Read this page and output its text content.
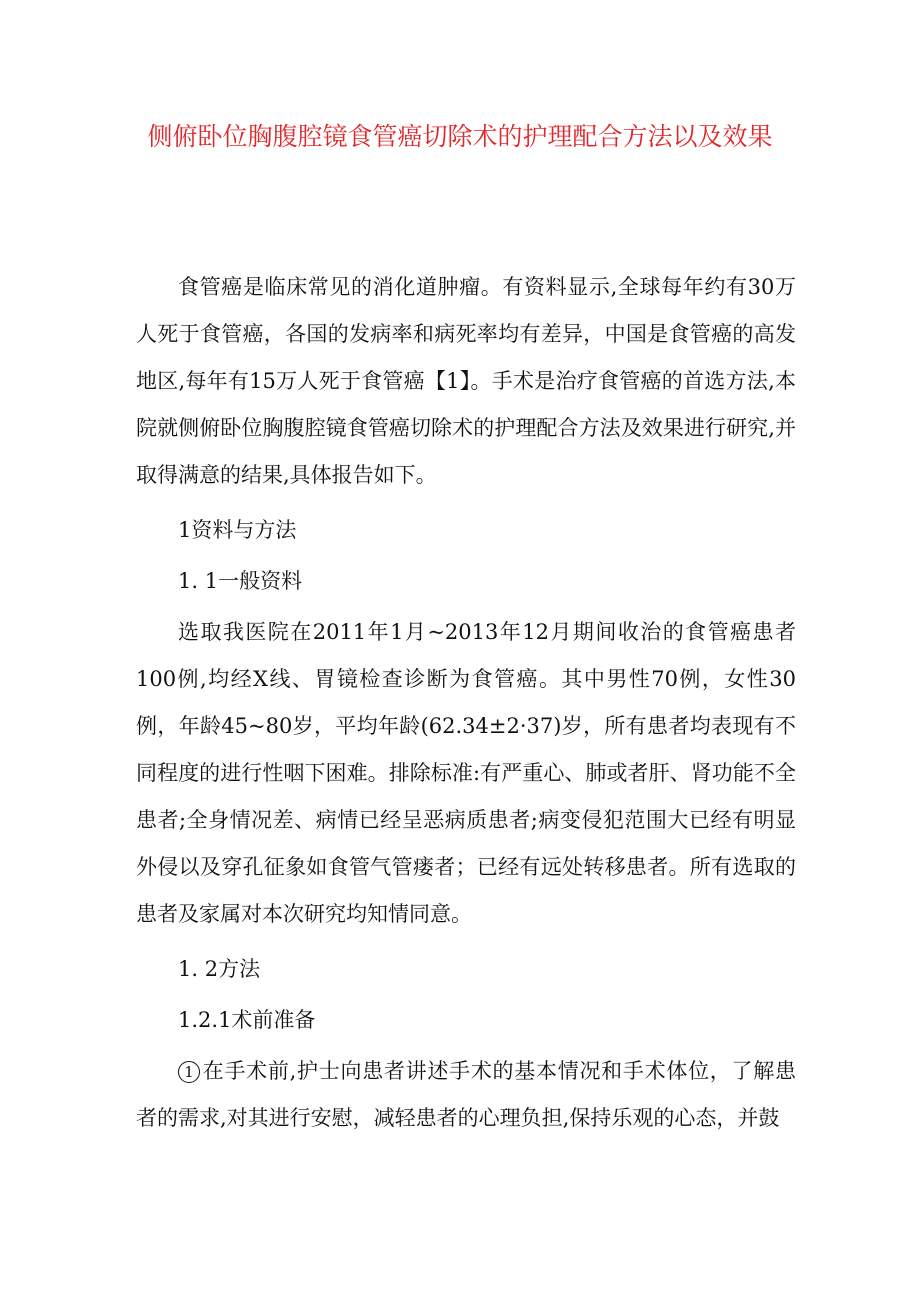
侧俯卧位胸腹腔镜食管癌切除术的护理配合方法以及效果

食管癌是临床常见的消化道肿瘤。有资料显示,全球每年约有30万人死于食管癌，各国的发病率和病死率均有差异，中国是食管癌的高发地区,每年有15万人死于食管癌【1】。手术是治疗食管癌的首选方法,本院就侧俯卧位胸腹腔镜食管癌切除术的护理配合方法及效果进行研究,并取得满意的结果,具体报告如下。

1资料与方法

1. 1一般资料

选取我医院在2011年1月~2013年12月期间收治的食管癌患者100例,均经X线、胃镜检查诊断为食管癌。其中男性70例，女性30例，年龄45~80岁，平均年龄(62.34±2·37)岁，所有患者均表现有不同程度的进行性咽下困难。排除标准:有严重心、肺或者肝、肾功能不全患者;全身情况差、病情已经呈恶病质患者;病变侵犯范围大已经有明显外侵以及穿孔征象如食管气管瘘者；已经有远处转移患者。所有选取的患者及家属对本次研究均知情同意。

1. 2方法

1.2.1术前准备

1 在手术前,护士向患者讲述手术的基本情况和手术体位，了解患者的需求,对其进行安慰，减轻患者的心理负担,保持乐观的心态，并鼓
